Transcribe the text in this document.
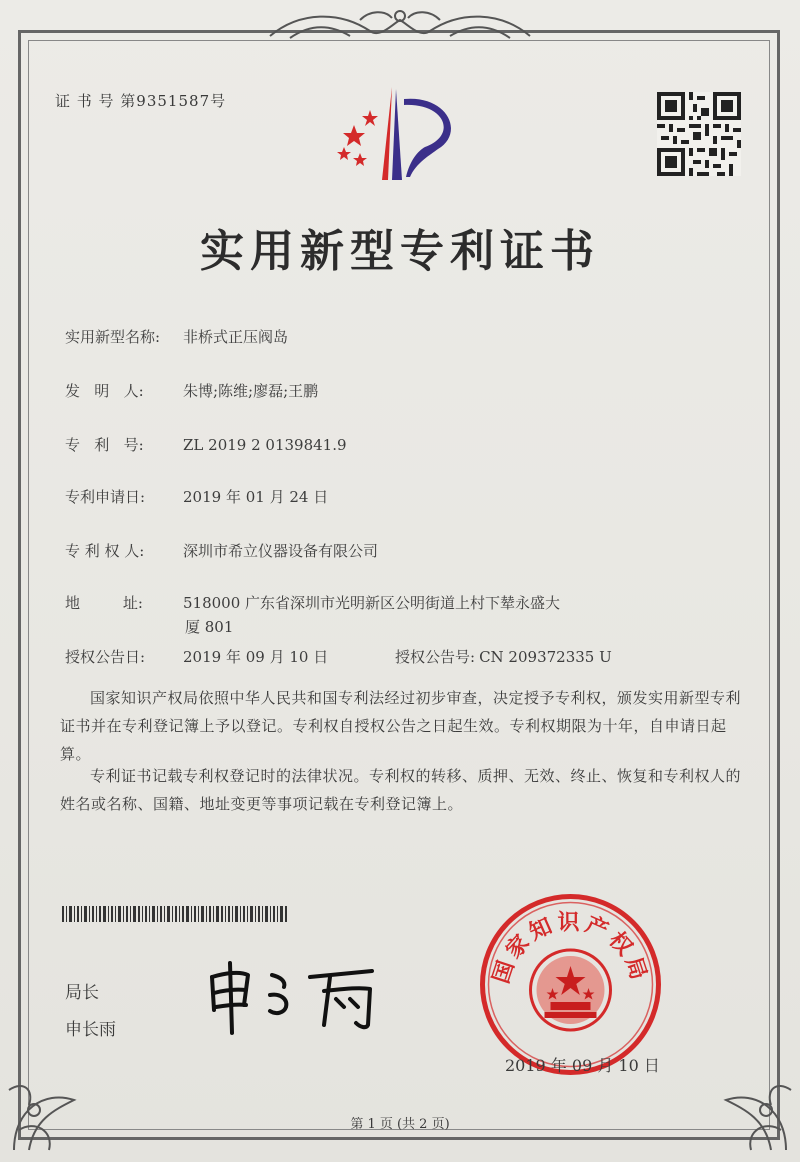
证 书 号 第9351587号
实用新型专利证书
实用新型名称: 非桥式正压阀岛
发   明   人:	朱博;陈维;廖磊;王鹏
专   利   号:	ZL 2019 2 0139841.9
专利申请日:	2019 年 01 月 24 日
专 利 权 人:	深圳市希立仪器设备有限公司
地         址:	518000 广东省深圳市光明新区公明街道上村下辇永盛大
厦 801
授权公告日:	2019 年 09 月 10 日	授权公告号: CN 209372335 U
国家知识产权局依照中华人民共和国专利法经过初步审查，决定授予专利权，颁发实用新型专利证书并在专利登记簿上予以登记。专利权自授权公告之日起生效。专利权期限为十年，自申请日起算。
专利证书记载专利权登记时的法律状况。专利权的转移、质押、无效、终止、恢复和专利权人的姓名或名称、国籍、地址变更等事项记载在专利登记簿上。
局长
申长雨
国家知识产权局
2019 年 09 月 10 日
第 1 页 (共 2 页)
